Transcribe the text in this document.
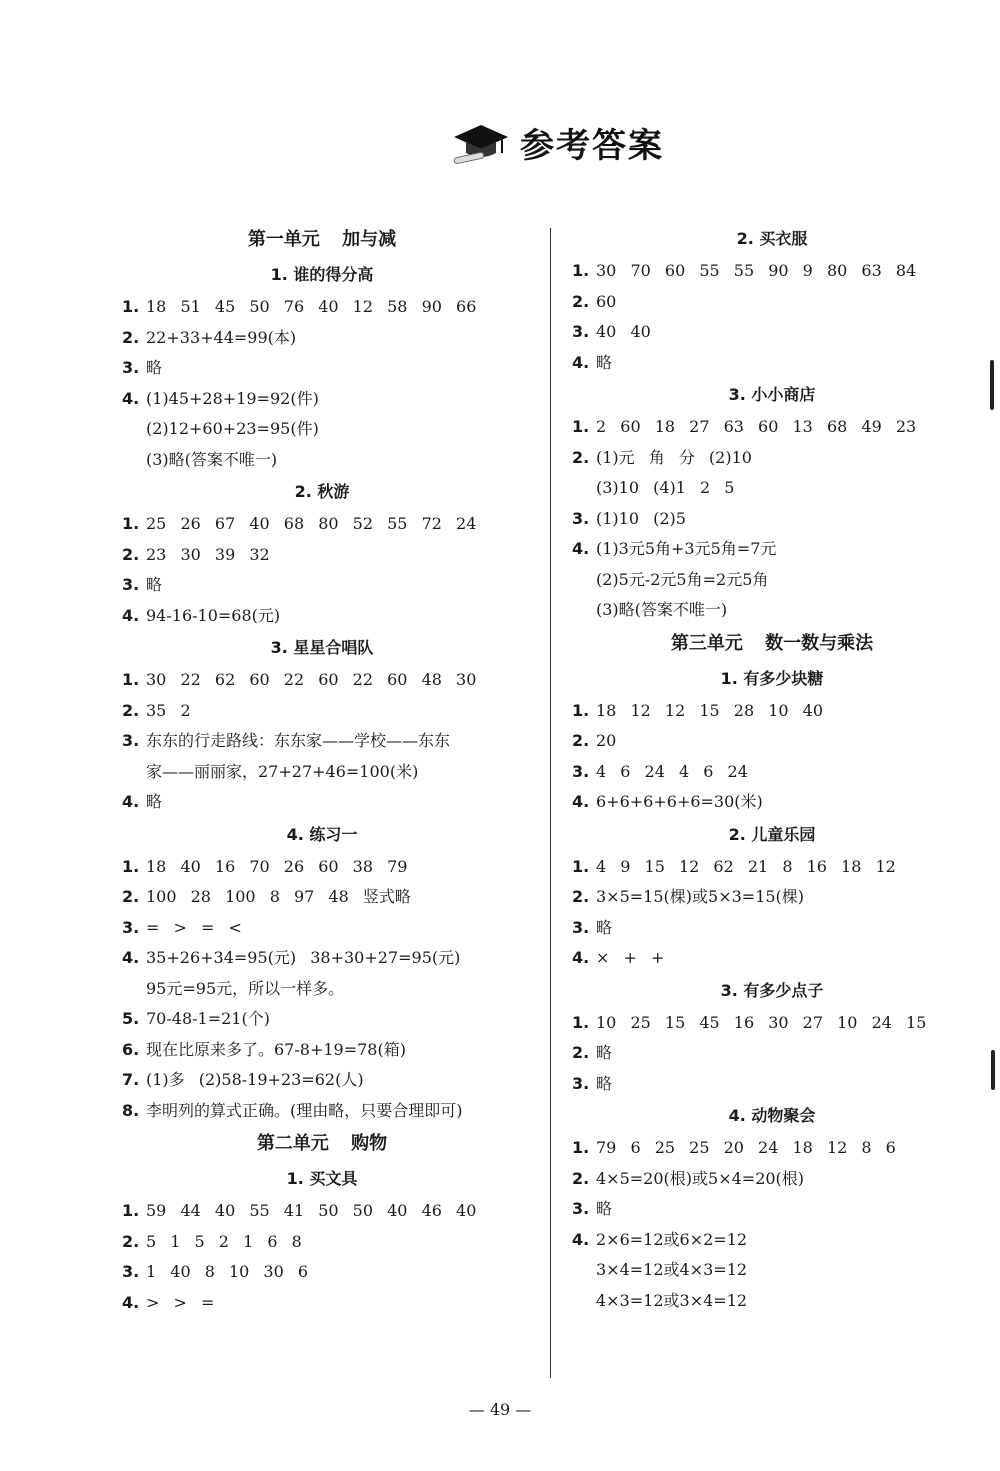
参考答案
第一单元 加与减
1. 谁的得分高
1. 18 51 45 50 76 40 12 58 90 66
2. 22+33+44=99(本)
3. 略
4. (1)45+28+19=92(件)
(2)12+60+23=95(件)
(3)略(答案不唯一)
2. 秋游
1. 25 26 67 40 68 80 52 55 72 24
2. 23 30 39 32
3. 略
4. 94-16-10=68(元)
3. 星星合唱队
1. 30 22 62 60 22 60 22 60 48 30
2. 35 2
3. 东东的行走路线：东东家——学校——东东
家——丽丽家，27+27+46=100(米)
4. 略
4. 练习一
1. 18 40 16 70 26 60 38 79
2. 100 28 100 8 97 48 竖式略
3. = > = <
4. 35+26+34=95(元) 38+30+27=95(元)
95元=95元，所以一样多。
5. 70-48-1=21(个)
6. 现在比原来多了。67-8+19=78(箱)
7. (1)多 (2)58-19+23=62(人)
8. 李明列的算式正确。(理由略，只要合理即可)
第二单元 购物
1. 买文具
1. 59 44 40 55 41 50 50 40 46 40
2. 5 1 5 2 1 6 8
3. 1 40 8 10 30 6
4. > > =
2. 买衣服
1. 30 70 60 55 55 90 9 80 63 84
2. 60
3. 40 40
4. 略
3. 小小商店
1. 2 60 18 27 63 60 13 68 49 23
2. (1)元 角 分 (2)10
(3)10 (4)1 2 5
3. (1)10 (2)5
4. (1)3元5角+3元5角=7元
(2)5元-2元5角=2元5角
(3)略(答案不唯一)
第三单元 数一数与乘法
1. 有多少块糖
1. 18 12 12 15 28 10 40
2. 20
3. 4 6 24 4 6 24
4. 6+6+6+6+6=30(米)
2. 儿童乐园
1. 4 9 15 12 62 21 8 16 18 12
2. 3×5=15(棵)或5×3=15(棵)
3. 略
4. × + +
3. 有多少点子
1. 10 25 15 45 16 30 27 10 24 15
2. 略
3. 略
4. 动物聚会
1. 79 6 25 25 20 24 18 12 8 6
2. 4×5=20(根)或5×4=20(根)
3. 略
4. 2×6=12或6×2=12
3×4=12或4×3=12
4×3=12或3×4=12
— 49 —
